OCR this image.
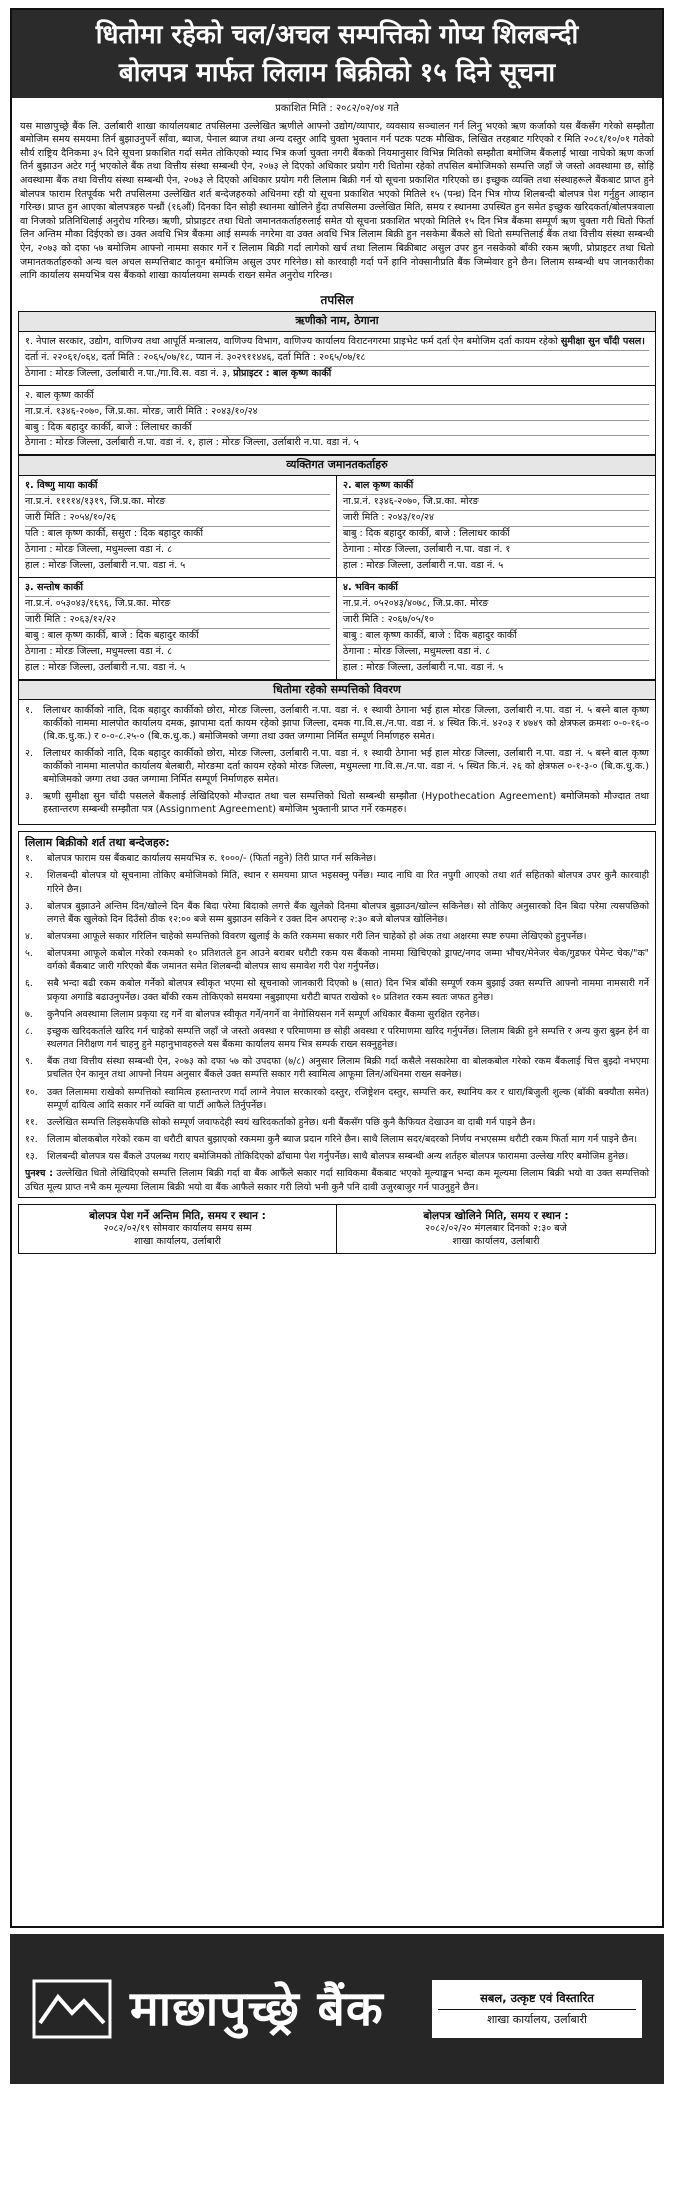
धितोमा रहेको चल/अचल सम्पत्तिको गोप्य शिलबन्दी
बोलपत्र मार्फत लिलाम बिक्रीको १५ दिने सूचना
प्रकाशित मिति : २०८२/०२/०४ गते
यस माछापुच्छ्रे बैंक लि. उर्लाबारी शाखा कार्यालयबाट तपसिलमा उल्लेखित ऋणीले आफ्नो उद्योग/व्यापार, व्यवसाय सञ्चालन गर्न लिनु भएको ऋण कर्जाको यस बैंकसँग गरेको सम्झौता बमोजिम समय समयमा तिर्न बुझाउनुपर्ने साँवा, ब्याज, पेनाल ब्याज तथा अन्य दस्तुर आदि चुक्ता भुक्तान गर्न पटक पटक मौखिक, लिखित तरहबाट गरिएको र मिति २०८१/१०/०१ गतेको सौर्य राष्ट्रिय दैनिकमा ३५ दिने सूचना प्रकाशित गर्दा समेत तोकिएको म्याद भित्र कर्जा चुक्ता नगरी बैंकको नियमानुसार विभिन्न मितिको सम्झौता बमोजिम बैंकलाई भाखा नाघेको ऋण कर्जा तिर्न बुझाउन अटेर गर्नु भएकोले बैंक तथा वित्तीय संस्था सम्बन्धी ऐन, २०७३ ले दिएको अधिकार प्रयोग गरी धितोमा रहेको तपसिल बमोजिमको सम्पत्ति जहाँ जे जस्तो अवस्थामा छ, सोहि अवस्थामा बैंक तथा वित्तीय संस्था सम्बन्धी ऐन, २०७३ ले दिएको अधिकार प्रयोग गरी लिलाम बिक्री गर्न यो सूचना प्रकाशित गरिएको छ। इच्छुक व्यक्ति तथा संस्थाहरूले बैंकबाट प्राप्त हुने बोलपत्र फाराम रितपूर्वक भरी तपसिलमा उल्लेखित शर्त बन्देजहरुको अधिनमा रही यो सूचना प्रकाशित भएको मितिले १५ (पन्ध्र) दिन भित्र गोप्य शिलबन्दी बोलपत्र पेश गर्नुहुन आव्हान गरिन्छ। प्राप्त हुन आएका बोलपत्रहरु पन्ध्रौं (१६औं) दिनका दिन सोही स्थानमा खोलिने हुँदा तपसिलमा उल्लेखित मिति, समय र स्थानमा उपस्थित हुन समेत इच्छुक खरिदकर्ता/बोलपत्रवाला वा निजको प्रतिनिधिलाई अनुरोध गरिन्छ। ऋणी, प्रोप्राइटर तथा धितो जमानतकर्ताहरुलाई समेत यो सूचना प्रकाशित भएको मितिले १५ दिन भित्र बैंकमा सम्पूर्ण ऋण चुक्ता गरी धितो फिर्ता लिन अन्तिम मौका दिईएको छ। उक्त अवधि भित्र बैंकमा आई सम्पर्क नगरेमा वा उक्त अवधि भित्र लिलाम बिक्री हुन नसकेमा बैंकले सो धितो सम्पत्तिलाई बैंक तथा वित्तीय संस्था सम्बन्धी ऐन, २०७३ को दफा ५७ बमोजिम आफ्नो नाममा सकार गर्ने र लिलाम बिक्री गर्दा लागेको खर्च तथा लिलाम बिक्रीबाट असुल उपर हुन नसकेको बाँकी रकम ऋणी, प्रोप्राइटर तथा धितो जमानतकर्ताहरुको अन्य चल अचल सम्पत्तिबाट कानून बमोजिम असुल उपर गरिनेछ। सो कारवाही गर्दा पर्ने हानि नोक्सानीप्रति बैंक जिम्मेवार हुने छैन। लिलाम सम्बन्धी थप जानकारीका लागि कार्यालय समयभित्र यस बैंकको शाखा कार्यालयमा सम्पर्क राख्न समेत अनुरोध गरिन्छ।
तपसिल
ऋणीको नाम, ठेगाना

१. नेपाल सरकार, उद्योग, वाणिज्य तथा आपूर्ति मन्त्रालय, वाणिज्य विभाग, वाणिज्य कार्यालय विराटनगरमा प्राइभेट फर्म दर्ता ऐन बमोजिम दर्ता कायम रहेको सुमीक्षा सुन चाँदी पसल।

दर्ता नं. २२०६१/०६४, दर्ता मिति : २०६५/०७/१८, प्यान नं. ३०२९११४४६, दर्ता मिति : २०६५/०७/१८

ठेगाना : मोरङ जिल्ला, उर्लाबारी न.पा./गा.वि.स. वडा नं. ३, प्रोप्राइटर : बाल कृष्ण कार्की

२. बाल कृष्ण कार्की

ना.प्र.नं. १३४६-२०७०, जि.प्र.का. मोरङ, जारी मिति : २०४३/१०/२४

बाबु : दिक बहादुर कार्की, बाजे : लिलाधर कार्की

ठेगाना : मोरङ जिल्ला, उर्लाबारी न.पा. वडा नं. १, हाल : मोरङ जिल्ला, उर्लाबारी न.पा. वडा नं. ५

व्यक्तिगत जमानतकर्ताहरु

१. विष्णु माया कार्की

ना.प्र.नं. ११११४/१३१९, जि.प्र.का. मोरङ

जारी मिति : २०५४/१०/२६

पति : बाल कृष्ण कार्की, ससुरा : दिक बहादुर कार्की

ठेगाना : मोरङ जिल्ला, मधुमल्ला वडा नं. ८

हाल : मोरङ जिल्ला, उर्लाबारी न.पा. वडा नं. ५

२. बाल कृष्ण कार्की

ना.प्र.नं. १३४६-२०७०, जि.प्र.का. मोरङ

जारी मिति : २०४३/१०/२४

बाबु : दिक बहादुर कार्की, बाजे : लिलाधर कार्की

ठेगाना : मोरङ जिल्ला, उर्लाबारी न.पा. वडा नं. १

हाल : मोरङ जिल्ला, उर्लाबारी न.पा. वडा नं. ५

३. सन्तोष कार्की

ना.प्र.नं. ०५३०४३/१६९६, जि.प्र.का. मोरङ

जारी मिति : २०६३/१२/२२

बाबु : बाल कृष्ण कार्की, बाजे : दिक बहादुर कार्की

ठेगाना : मोरङ जिल्ला, मधुमल्ला वडा नं. ८

हाल : मोरङ जिल्ला, उर्लाबारी न.पा. वडा नं. ५

४. भविन कार्की

ना.प्र.नं. ०५२०४३/४०७८, जि.प्र.का. मोरङ

जारी मिति : २०६७/०५/१०

बाबु : बाल कृष्ण कार्की, बाजे : दिक बहादुर कार्की

ठेगाना : मोरङ जिल्ला, मधुमल्ला वडा नं. ८

हाल : मोरङ जिल्ला, उर्लाबारी न.पा. वडा नं. ५

धितोमा रहेको सम्पत्तिको विवरण
१.	लिलाधर कार्कीको नाति, दिक बहादुर कार्कीको छोरा, मोरङ जिल्ला, उर्लाबारी न.पा. वडा नं. १ स्थायी ठेगाना भई हाल मोरङ जिल्ला, उर्लाबारी न.पा. वडा नं. ५ बस्ने बाल कृष्ण कार्कीको नाममा मालपोत कार्यालय दमक, झापामा दर्ता कायम रहेको झापा जिल्ला, दमक गा.वि.स./न.पा. वडा नं. ४ स्थित कि.नं. ४२०३ र ४७४९ को क्षेत्रफल क्रमशः ०-०-१६-० (बि.क.धु.क.) र ०-०-८.२५-० (बि.क.धु.क.) बमोजिमको जग्गा तथा उक्त जग्गामा निर्मित सम्पूर्ण निर्माणहरु समेत।
२.	लिलाधर कार्कीको नाति, दिक बहादुर कार्कीको छोरा, मोरङ जिल्ला, उर्लाबारी न.पा. वडा नं. १ स्थायी ठेगाना भई हाल मोरङ जिल्ला, उर्लाबारी न.पा. वडा नं. ५ बस्ने बाल कृष्ण कार्कीको नाममा मालपोत कार्यालय बेलबारी, मोरङमा दर्ता कायम रहेको मोरङ जिल्ला, मधुमल्ला गा.वि.स./न.पा. वडा नं. ५ स्थित कि.नं. २६ को क्षेत्रफल ०-१-३-० (बि.क.धु.क.) बमोजिमको जग्गा तथा उक्त जग्गामा निर्मित सम्पूर्ण निर्माणहरु समेत।
३.	ऋणी सुमीक्षा सुन चाँदी पसलले बैंकलाई लेखिदिएको मौज्दात तथा चल सम्पत्तिको धितो सम्बन्धी सम्झौता (Hypothecation Agreement) बमोजिमको मौज्दात तथा हस्तान्तरण सम्बन्धी सम्झौता पत्र (Assignment Agreement) बमोजिम भुक्तानी प्राप्त गर्ने रकमहरु।
लिलाम बिक्रीको शर्त तथा बन्देजहरु:
१.	बोलपत्र फाराम यस बैंकबाट कार्यालय समयभित्र रु. १०००/- (फिर्ता नहुने) तिरी प्राप्त गर्न सकिनेछ।
२.	शिलबन्दी बोलपत्र यो सूचनामा तोकिए बमोजिमको मिति, स्थान र समयमा प्राप्त भइसक्नु पर्नेछ। म्याद नाघि वा रित नपुगी आएको तथा शर्त सहितको बोलपत्र उपर कुनै कारवाही गरिने छैन।
३.	बोलपत्र बुझाउने अन्तिम दिन/खोल्ने दिन बैंक बिदा परेमा बिदाको लगत्ते बैंक खुलेको दिनमा बोलपत्र बुझाउन/खोल्न सकिनेछ। सो तोकिए अनुसारको दिन बिदा परेमा त्यसपछिको लगत्ते बैंक खुलेको दिन दिउँसो ठीक १२:०० बजे सम्म बुझाउन सकिने र उक्त दिन अपरान्ह २:३० बजे बोलपत्र खोलिनेछ।
४.	बोलपत्रमा आफूले सकार गरिलिन चाहेको सम्पत्तिको विवरण खुलाई के कति रकममा सकार गरी लिन चाहेको हो अंक तथा अक्षरमा स्पष्ट रुपमा लेखिएको हुनुपर्नेछ।
५.	बोलपत्रमा आफूले कबोल गरेको रकमको १० प्रतिशतले हुन आउने बराबर धरौटी रकम यस बैंकको नाममा खिचिएको ड्राफ्ट/नगद जम्मा भौचर/मेनेजर चेक/गुडफर पेमेन्ट चेक/"क" वर्गको बैंकबाट जारी गरिएको बैंक जमानत समेत शिलबन्दी बोलपत्र साथ समावेश गरी पेश गर्नुपर्नेछ।
६.	सबै भन्दा बढी रकम कबोल गर्नेको बोलपत्र स्वीकृत भएमा सो सूचनाको जानकारी दिएको ७ (सात) दिन भित्र बाँकी सम्पूर्ण रकम बुझाई उक्त सम्पत्ति आफ्नो नाममा नामसारी गर्ने प्रकृया अगाडि बढाउनुपर्नेछ। उक्त बाँकी रकम तोकिएको समयमा नबुझाएमा धरौटी बापत राखेको १० प्रतिशत रकम स्वतः जफत हुनेछ।
७.	कुनैपनि अवस्थामा लिलाम प्रकृया रद्द गर्ने वा बोलपत्र स्वीकृत गर्ने/नगर्ने वा नेगोसियसन गर्ने सम्पूर्ण अधिकार बैंकमा सुरक्षित रहनेछ।
८.	इच्छुक खरिदकर्ताले खरिद गर्न चाहेको सम्पत्ति जहाँ जे जस्तो अवस्था र परिमाणमा छ सोही अवस्था र परिमाणमा खरिद गर्नुपर्नेछ। लिलाम बिक्री हुने सम्पत्ति र अन्य कुरा बुझ्न हेर्न वा स्थलगत निरीक्षण गर्न चाहनु हुने महानुभावहरुले यस बैंकमा कार्यालय समय भित्र सम्पर्क राख्न सक्नुहुनेछ।
९.	बैंक तथा वित्तीय संस्था सम्बन्धी ऐन, २०७३ को दफा ५७ को उपदफा (७/८) अनुसार लिलाम बिक्री गर्दा कसैले नसकारेमा वा बोलकबोल गरेको रकम बैंकलाई चित्त बुझ्दो नभएमा प्रचलित ऐन कानून तथा आफ्नो नियम अनुसार बैंकले उक्त सम्पत्ति सकार गरी स्वामित्व आफूमा लिन/अधिनमा राख्न सक्नेछ।
१०. उक्त लिलाममा राखेको सम्पत्तिको स्वामित्व हस्तान्तरण गर्दा लाग्ने नेपाल सरकारको दस्तुर, रजिष्ट्रेशन दस्तुर, सम्पत्ति कर, स्थानिय कर र धारा/बिजुली शुल्क (बाँकी बक्यौता समेत) सम्पूर्ण दायित्व आदि सकार गर्ने व्यक्ति वा पार्टी आफैले तिर्नुपर्नेछ।
११. उल्लेखित सम्पत्ति लिइसकेपछि सोको सम्पूर्ण जवाफदेही स्वयं खरिदकर्ताको हुनेछ। धनी बैंकसँग पछि कुनै कैफियत देखाउन वा दाबी गर्न पाइने छैन।
१२. लिलाम बोलकबोल गरेको रकम वा धरौटी बापत बुझाएको रकममा कुनै ब्याज प्रदान गरिने छैन। साथै लिलाम सदर/बदरको निर्णय नभएसम्म धरौटी रकम फिर्ता माग गर्न पाइने छैन।
१३. शिलबन्दी बोलपत्र यस बैंकले उपलब्ध गराए बमोजिमको तोकिदिएको ढाँचामा पेश गर्नुपर्नेछ। साथै बोलपत्र सम्बन्धी अन्य शर्तहरु बोलपत्र फाराममा उल्लेख गरिए बमोजिम हुनेछ।
पुनश्च : उल्लेखित धितो लेखिदिएको सम्पत्ति लिलाम बिक्री गर्दा वा बैंक आफैंले सकार गर्दा साविकमा बैंकबाट भएको मूल्याङ्कन भन्दा कम मूल्यमा लिलाम बिक्री भयो वा उक्त सम्पत्तिको उचित मूल्य प्राप्त नभै कम मूल्यमा लिलाम बिक्री भयो वा बैंक आफैले सकार गरी लियो भनी कुनै पनि दावी उजुरबाजुर गर्न पाउनुहुने छैन।
बोलपत्र पेश गर्ने अन्तिम मिति, समय र स्थान :
२०८२/०२/१९ सोमवार कार्यालय समय सम्म
शाखा कार्यालय, उर्लाबारी
बोलपत्र खोलिने मिति, समय र स्थान :
२०८२/०२/२० मंगलबार दिनको २:३० बजे
शाखा कार्यालय, उर्लाबारी
माछापुच्छ्रे बैंक	सबल, उत्कृष्ट एवं विस्तारित
शाखा कार्यालय, उर्लाबारी
